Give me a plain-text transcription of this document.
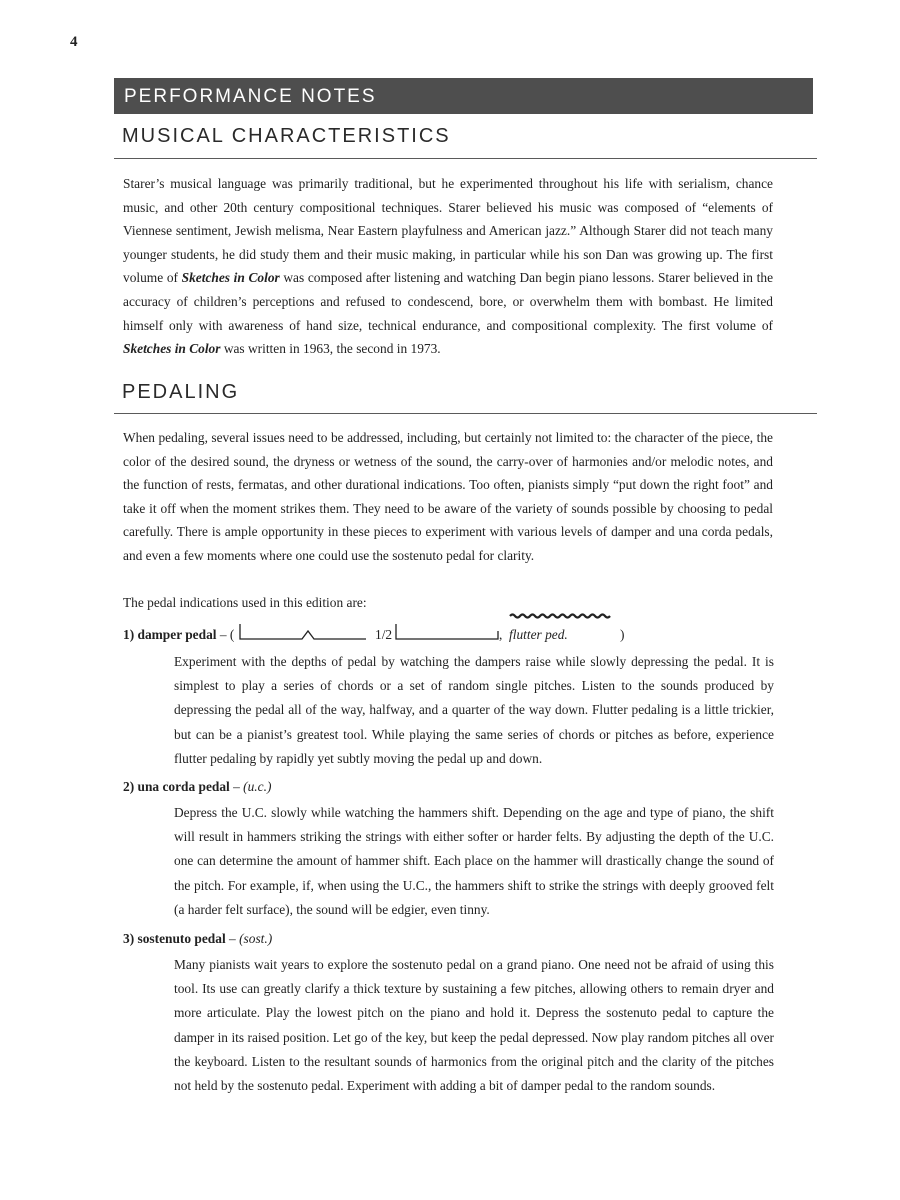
4
PERFORMANCE NOTES
MUSICAL CHARACTERISTICS
Starer’s musical language was primarily traditional, but he experimented throughout his life with serialism, chance music, and other 20th century compositional techniques. Starer believed his music was composed of “elements of Viennese sentiment, Jewish melisma, Near Eastern playfulness and American jazz.” Although Starer did not teach many younger students, he did study them and their music making, in particular while his son Dan was growing up. The first volume of Sketches in Color was composed after listening and watching Dan begin piano lessons. Starer believed in the accuracy of children’s perceptions and refused to condescend, bore, or overwhelm them with bombast. He limited himself only with awareness of hand size, technical endurance, and compositional complexity. The first volume of Sketches in Color was written in 1963, the second in 1973.
PEDALING
When pedaling, several issues need to be addressed, including, but certainly not limited to: the character of the piece, the color of the desired sound, the dryness or wetness of the sound, the carry-over of harmonies and/or melodic notes, and the function of rests, fermatas, and other durational indications. Too often, pianists simply “put down the right foot” and take it off when the moment strikes them. They need to be aware of the variety of sounds possible by choosing to pedal carefully. There is ample opportunity in these pieces to experiment with various levels of damper and una corda pedals, and even a few moments where one could use the sostenuto pedal for clarity.
The pedal indications used in this edition are:
1) damper pedal – (	1/2	, flutter ped.	)
Experiment with the depths of pedal by watching the dampers raise while slowly depressing the pedal. It is simplest to play a series of chords or a set of random single pitches. Listen to the sounds produced by depressing the pedal all of the way, halfway, and a quarter of the way down. Flutter pedaling is a little trickier, but can be a pianist’s greatest tool. While playing the same series of chords or pitches as before, experience flutter pedaling by rapidly yet subtly moving the pedal up and down.
2) una corda pedal – (u.c.)
Depress the U.C. slowly while watching the hammers shift. Depending on the age and type of piano, the shift will result in hammers striking the strings with either softer or harder felts. By adjusting the depth of the U.C. one can determine the amount of hammer shift. Each place on the hammer will drastically change the sound of the pitch. For example, if, when using the U.C., the hammers shift to strike the strings with deeply grooved felt (a harder felt surface), the sound will be edgier, even tinny.
3) sostenuto pedal – (sost.)
Many pianists wait years to explore the sostenuto pedal on a grand piano. One need not be afraid of using this tool. Its use can greatly clarify a thick texture by sustaining a few pitches, allowing others to remain dryer and more articulate. Play the lowest pitch on the piano and hold it. Depress the sostenuto pedal to capture the damper in its raised position. Let go of the key, but keep the pedal depressed. Now play random pitches all over the keyboard. Listen to the resultant sounds of harmonics from the original pitch and the clarity of the pitches not held by the sostenuto pedal. Experiment with adding a bit of damper pedal to the random sounds.
